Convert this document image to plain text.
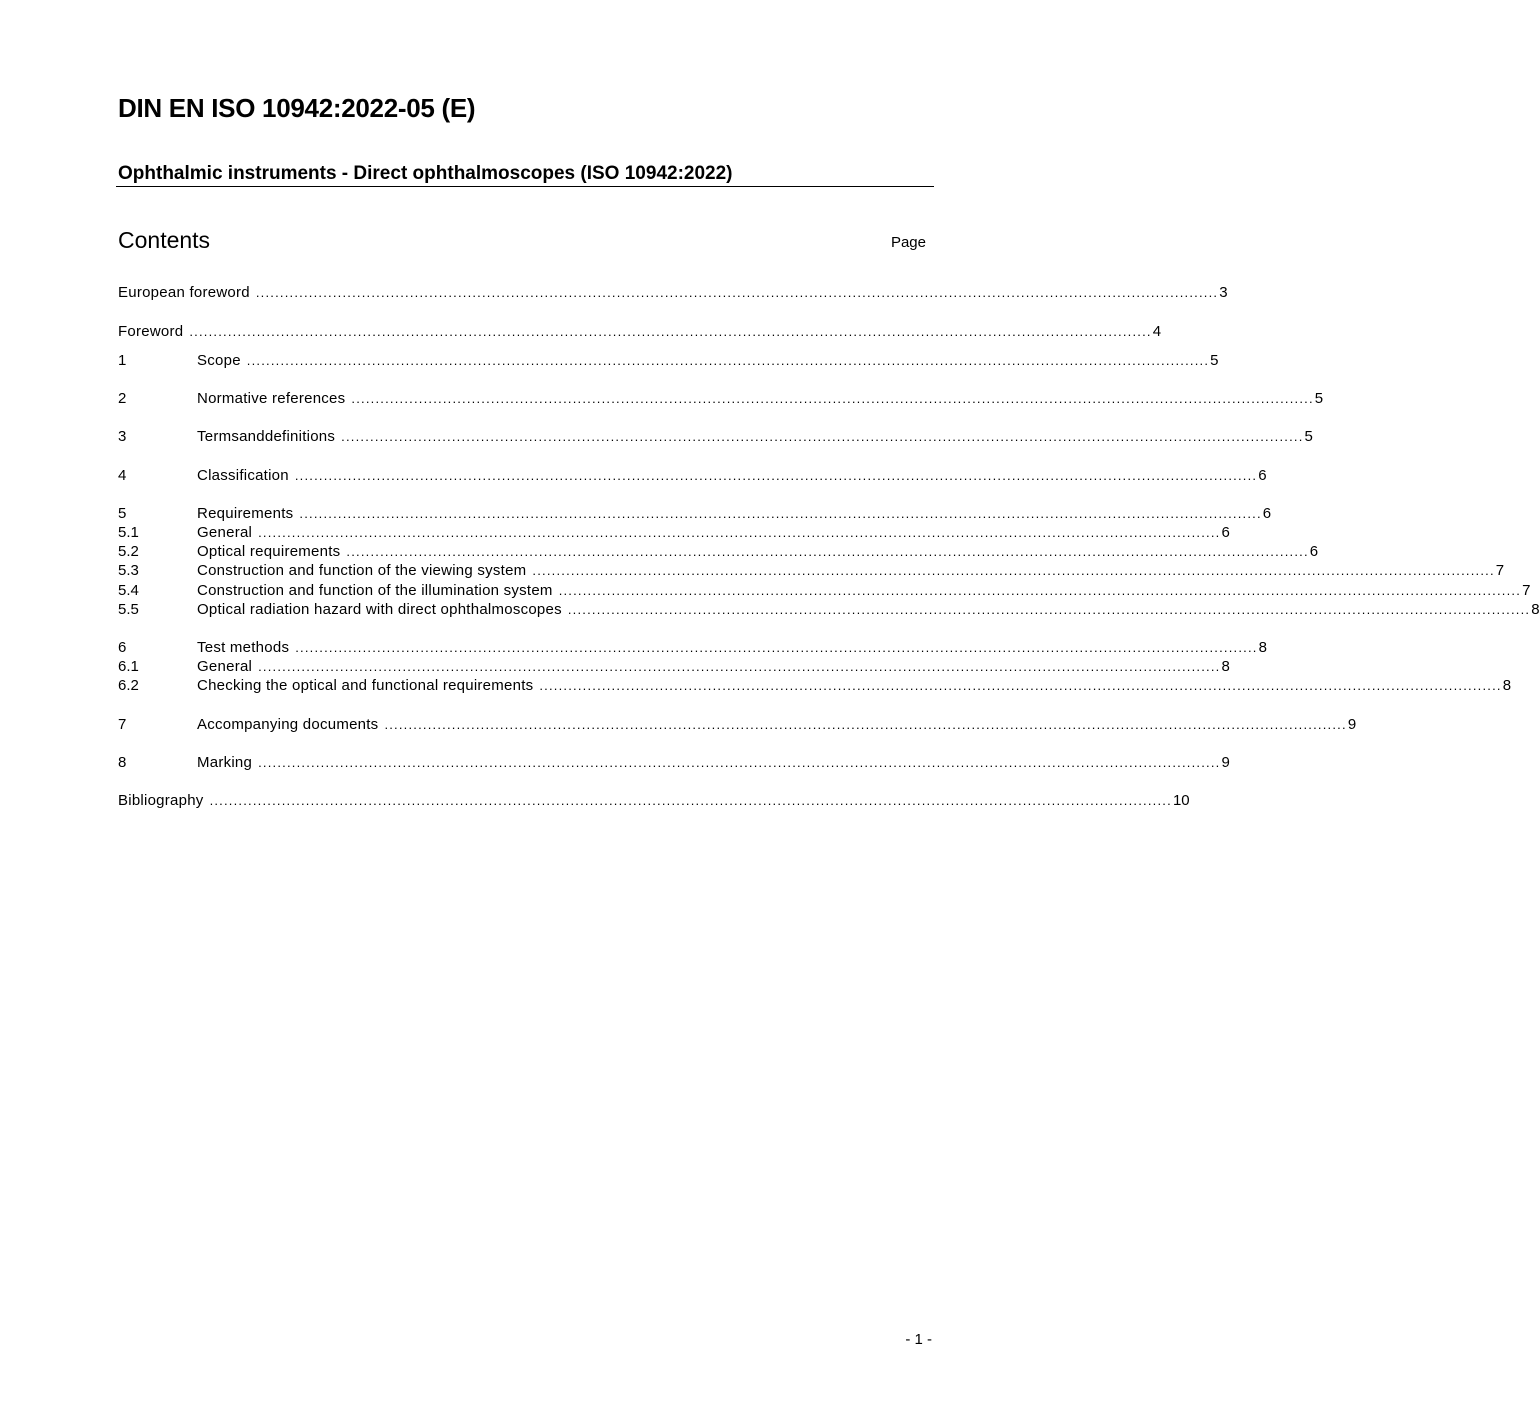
DIN EN ISO 10942:2022-05 (E)
Ophthalmic instruments - Direct ophthalmoscopes (ISO 10942:2022)
Contents	Page
European foreword ........................................................................................................................................................................................................ 3
Foreword ........................................................................................................................................................................................................ 4
1	Scope ........................................................................................................................................................................................................ 5
2	Normative references ........................................................................................................................................................................................................ 5
3	Termsanddefinitions ........................................................................................................................................................................................................ 5
4	Classification ........................................................................................................................................................................................................ 6
5	Requirements ........................................................................................................................................................................................................ 6
5.1	General ........................................................................................................................................................................................................ 6
5.2	Optical requirements ........................................................................................................................................................................................................ 6
5.3	Construction and function of the viewing system ........................................................................................................................................................................................................ 7
5.4	Construction and function of the illumination system ........................................................................................................................................................................................................ 7
5.5	Optical radiation hazard with direct ophthalmoscopes ........................................................................................................................................................................................................ 8
6	Test methods ........................................................................................................................................................................................................ 8
6.1	General ........................................................................................................................................................................................................ 8
6.2	Checking the optical and functional requirements ........................................................................................................................................................................................................ 8
7	Accompanying documents ........................................................................................................................................................................................................ 9
8	Marking ........................................................................................................................................................................................................ 9
Bibliography ........................................................................................................................................................................................................ 10
- 1 -
